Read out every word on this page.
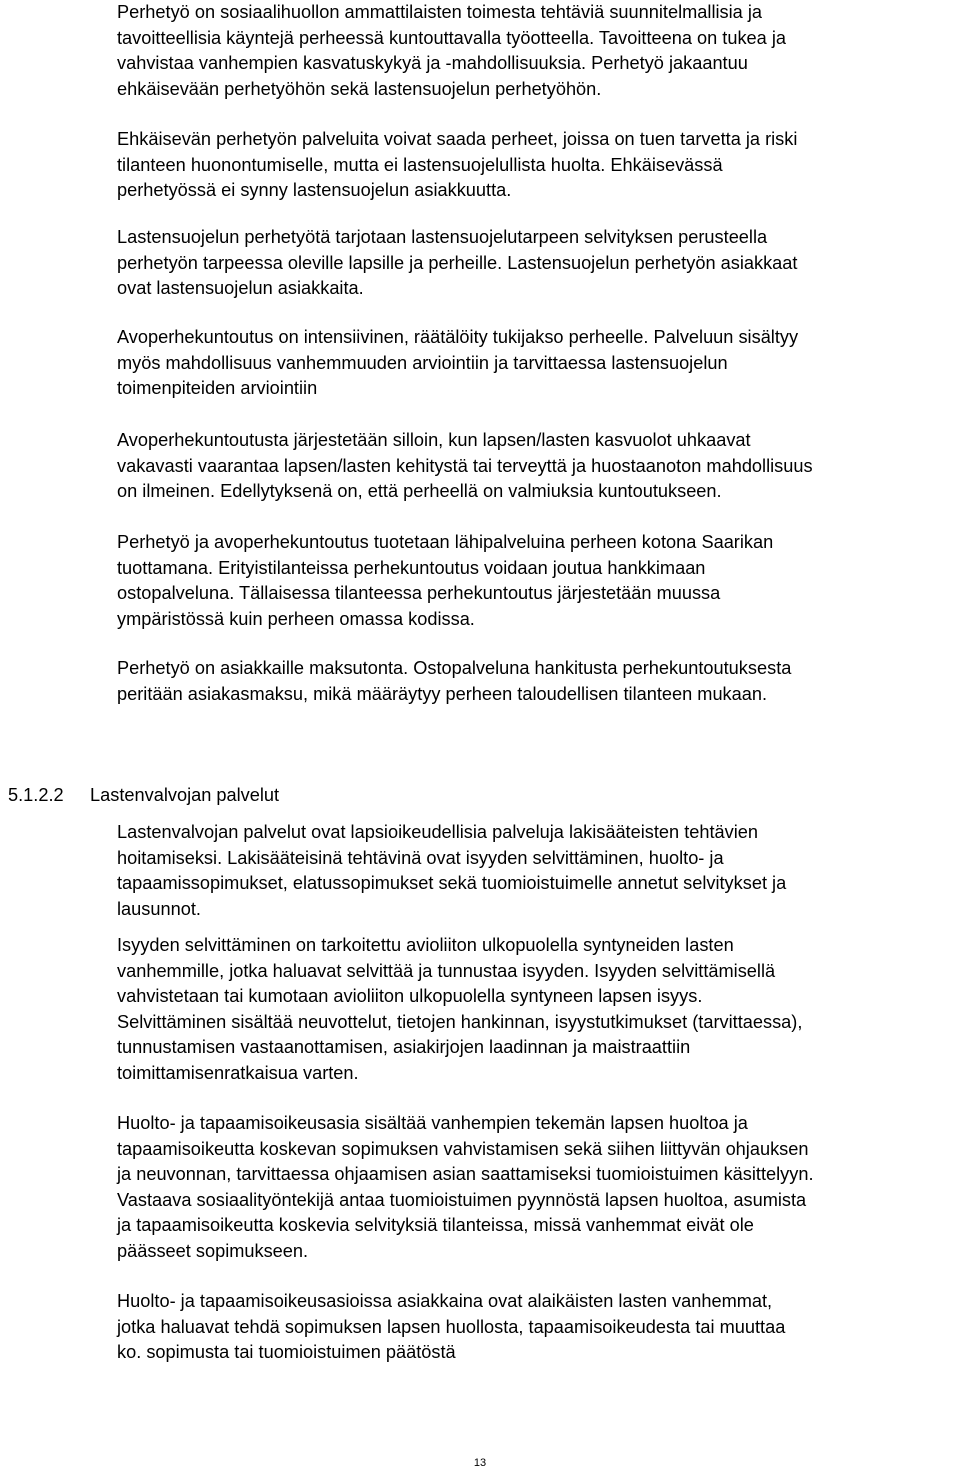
Perhetyö on sosiaalihuollon ammattilaisten toimesta tehtäviä suunnitelmallisia ja
tavoitteellisia käyntejä perheessä kuntouttavalla työotteella. Tavoitteena on tukea ja
vahvistaa vanhempien kasvatuskykyä ja -mahdollisuuksia. Perhetyö jakaantuu
ehkäisevään perhetyöhön sekä lastensuojelun perhetyöhön.

Ehkäisevän perhetyön palveluita voivat saada perheet, joissa on tuen tarvetta ja riski
tilanteen huonontumiselle, mutta ei lastensuojelullista huolta. Ehkäisevässä
perhetyössä ei synny lastensuojelun asiakkuutta.

Lastensuojelun perhetyötä tarjotaan lastensuojelutarpeen selvityksen perusteella
perhetyön tarpeessa oleville lapsille ja perheille. Lastensuojelun perhetyön asiakkaat
ovat lastensuojelun asiakkaita.

Avoperhekuntoutus on intensiivinen, räätälöity tukijakso perheelle. Palveluun sisältyy
myös mahdollisuus vanhemmuuden arviointiin ja tarvittaessa lastensuojelun
toimenpiteiden arviointiin

Avoperhekuntoutusta järjestetään silloin, kun lapsen/lasten kasvuolot uhkaavat
vakavasti vaarantaa lapsen/lasten kehitystä tai terveyttä ja huostaanoton mahdollisuus
on ilmeinen. Edellytyksenä on, että perheellä on valmiuksia kuntoutukseen.

Perhetyö ja avoperhekuntoutus tuotetaan lähipalveluina perheen kotona Saarikan
tuottamana. Erityistilanteissa perhekuntoutus voidaan joutua hankkimaan
ostopalveluna. Tällaisessa tilanteessa perhekuntoutus järjestetään muussa
ympäristössä kuin perheen omassa kodissa.

Perhetyö on asiakkaille maksutonta. Ostopalveluna hankitusta perhekuntoutuksesta
peritään asiakasmaksu, mikä määräytyy perheen taloudellisen tilanteen mukaan.

Lastenvalvojan palvelut ovat lapsioikeudellisia palveluja lakisääteisten tehtävien
hoitamiseksi. Lakisääteisinä tehtävinä ovat isyyden selvittäminen, huolto- ja
tapaamissopimukset, elatussopimukset sekä tuomioistuimelle annetut selvitykset ja
lausunnot.

Isyyden selvittäminen on tarkoitettu avioliiton ulkopuolella syntyneiden lasten
vanhemmille, jotka haluavat selvittää ja tunnustaa isyyden. Isyyden selvittämisellä
vahvistetaan tai kumotaan avioliiton ulkopuolella syntyneen lapsen isyys.
Selvittäminen sisältää neuvottelut, tietojen hankinnan, isyystutkimukset (tarvittaessa),
tunnustamisen vastaanottamisen, asiakirjojen laadinnan ja maistraattiin
toimittamisenratkaisua varten.

Huolto- ja tapaamisoikeusasia sisältää vanhempien tekemän lapsen huoltoa ja
tapaamisoikeutta koskevan sopimuksen vahvistamisen sekä siihen liittyvän ohjauksen
ja neuvonnan, tarvittaessa ohjaamisen asian saattamiseksi tuomioistuimen käsittelyyn.
Vastaava sosiaalityöntekijä antaa tuomioistuimen pyynnöstä lapsen huoltoa, asumista
ja tapaamisoikeutta koskevia selvityksiä tilanteissa, missä vanhemmat eivät ole
päässeet sopimukseen.

Huolto- ja tapaamisoikeusasioissa asiakkaina ovat alaikäisten lasten vanhemmat,
jotka haluavat tehdä sopimuksen lapsen huollosta, tapaamisoikeudesta tai muuttaa
ko. sopimusta tai tuomioistuimen päätöstä

5.1.2.2 Lastenvalvojan palvelut
13
